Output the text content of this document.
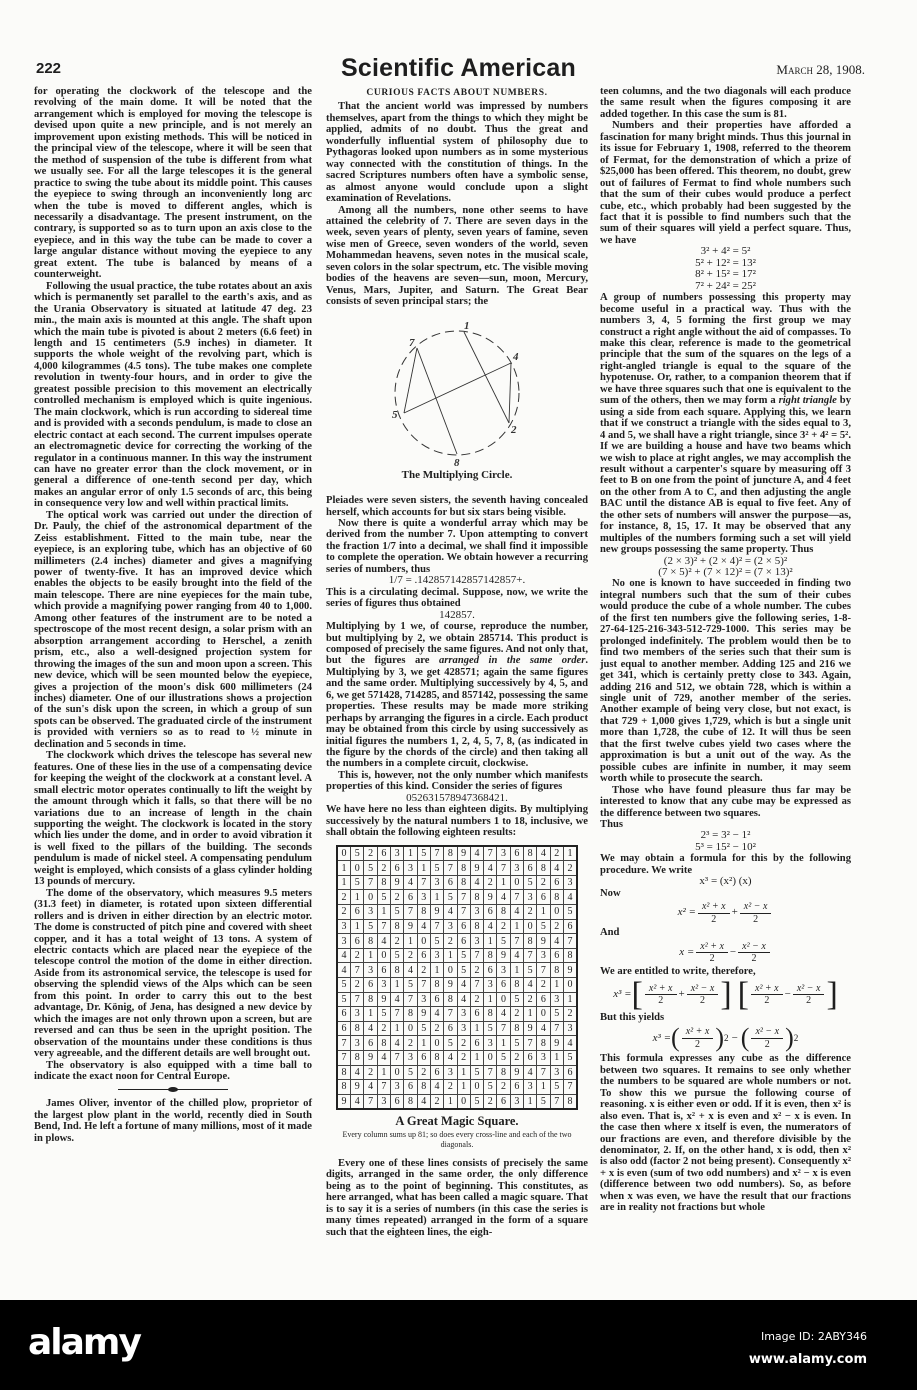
222	Scientific American	March 28, 1908.

for operating the clockwork of the telescope and the revolving of the main dome. It will be noted that the arrangement which is employed for moving the telescope is devised upon quite a new principle, and is not merely an improvement upon existing methods. This will be noticed in the principal view of the telescope, where it will be seen that the method of suspension of the tube is different from what we usually see. For all the large telescopes it is the general practice to swing the tube about its middle point. This causes the eyepiece to swing through an inconveniently long arc when the tube is moved to different angles, which is necessarily a disadvantage. The present instrument, on the contrary, is supported so as to turn upon an axis close to the eyepiece, and in this way the tube can be made to cover a large angular distance without moving the eyepiece to any great extent. The tube is balanced by means of a counterweight.

Following the usual practice, the tube rotates about an axis which is permanently set parallel to the earth's axis, and as the Urania Observatory is situated at latitude 47 deg. 23 min., the main axis is mounted at this angle. The shaft upon which the main tube is pivoted is about 2 meters (6.6 feet) in length and 15 centimeters (5.9 inches) in diameter. It supports the whole weight of the revolving part, which is 4,000 kilogrammes (4.5 tons). The tube makes one complete revolution in twenty-four hours, and in order to give the greatest possible precision to this movement an electrically controlled mechanism is employed which is quite ingenious. The main clockwork, which is run according to sidereal time and is provided with a seconds pendulum, is made to close an electric contact at each second. The current impulses operate an electromagnetic device for correcting the working of the regulator in a continuous manner. In this way the instrument can have no greater error than the clock movement, or in general a difference of one-tenth second per day, which makes an angular error of only 1.5 seconds of arc, this being in consequence very low and well within practical limits.

The optical work was carried out under the direction of Dr. Pauly, the chief of the astronomical department of the Zeiss establishment. Fitted to the main tube, near the eyepiece, is an exploring tube, which has an objective of 60 millimeters (2.4 inches) diameter and gives a magnifying power of twenty-five. It has an improved device which enables the objects to be easily brought into the field of the main telescope. There are nine eyepieces for the main tube, which provide a magnifying power ranging from 40 to 1,000. Among other features of the instrument are to be noted a spectroscope of the most recent design, a solar prism with an absorption arrangement according to Herschel, a zenith prism, etc., also a well-designed projection system for throwing the images of the sun and moon upon a screen. This new device, which will be seen mounted below the eyepiece, gives a projection of the moon's disk 600 millimeters (24 inches) diameter. One of our illustrations shows a projection of the sun's disk upon the screen, in which a group of sun spots can be observed. The graduated circle of the instrument is provided with verniers so as to read to ½ minute in declination and 5 seconds in time.

The clockwork which drives the telescope has several new features. One of these lies in the use of a compensating device for keeping the weight of the clockwork at a constant level. A small electric motor operates continually to lift the weight by the amount through which it falls, so that there will be no variations due to an increase of length in the chain supporting the weight. The clockwork is located in the story which lies under the dome, and in order to avoid vibration it is well fixed to the pillars of the building. The seconds pendulum is made of nickel steel. A compensating pendulum weight is employed, which consists of a glass cylinder holding 13 pounds of mercury.

The dome of the observatory, which measures 9.5 meters (31.3 feet) in diameter, is rotated upon sixteen differential rollers and is driven in either direction by an electric motor. The dome is constructed of pitch pine and covered with sheet copper, and it has a total weight of 13 tons. A system of electric contacts which are placed near the eyepiece of the telescope control the motion of the dome in either direction. Aside from its astronomical service, the telescope is used for observing the splendid views of the Alps which can be seen from this point. In order to carry this out to the best advantage, Dr. König, of Jena, has designed a new device by which the images are not only thrown upon a screen, but are reversed and can thus be seen in the upright position. The observation of the mountains under these conditions is thus very agreeable, and the different details are well brought out.

The observatory is also equipped with a time ball to indicate the exact noon for Central Europe.

James Oliver, inventor of the chilled plow, proprietor of the largest plow plant in the world, recently died in South Bend, Ind. He left a fortune of many millions, most of it made in plows.

CURIOUS FACTS ABOUT NUMBERS.

That the ancient world was impressed by numbers themselves, apart from the things to which they might be applied, admits of no doubt. Thus the great and wonderfully influential system of philosophy due to Pythagoras looked upon numbers as in some mysterious way connected with the constitution of things. In the sacred Scriptures numbers often have a symbolic sense, as almost anyone would conclude upon a slight examination of Revelations.

Among all the numbers, none other seems to have attained the celebrity of 7. There are seven days in the week, seven years of plenty, seven years of famine, seven wise men of Greece, seven wonders of the world, seven Mohammedan heavens, seven notes in the musical scale, seven colors in the solar spectrum, etc. The visible moving bodies of the heavens are seven—sun, moon, Mercury, Venus, Mars, Jupiter, and Saturn. The Great Bear consists of seven principal stars; the

1
4
2
8
5
7
The Multiplying Circle.

Pleiades were seven sisters, the seventh having concealed herself, which accounts for but six stars being visible.

Now there is quite a wonderful array which may be derived from the number 7. Upon attempting to convert the fraction 1/7 into a decimal, we shall find it impossible to complete the operation. We obtain however a recurring series of numbers, thus

1/7 = .142857142857142857+.

This is a circulating decimal. Suppose, now, we write the series of figures thus obtained

142857.

Multiplying by 1 we, of course, reproduce the number, but multiplying by 2, we obtain 285714. This product is composed of precisely the same figures. And not only that, but the figures are arranged in the same order. Multiplying by 3, we get 428571; again the same figures and the same order. Multiplying successively by 4, 5, and 6, we get 571428, 714285, and 857142, possessing the same properties. These results may be made more striking perhaps by arranging the figures in a circle. Each product may be obtained from this circle by using successively as initial figures the numbers 1, 2, 4, 5, 7, 8, (as indicated in the figure by the chords of the circle) and then taking all the numbers in a complete circuit, clockwise.

This is, however, not the only number which manifests properties of this kind. Consider the series of figures

052631578947368421.

We have here no less than eighteen digits. By multiplying successively by the natural numbers 1 to 18, inclusive, we shall obtain the following eighteen results:

0	5	2	6	3	1	5	7	8	9	4	7	3	6	8	4	2	1
1	0	5	2	6	3	1	5	7	8	9	4	7	3	6	8	4	2
1	5	7	8	9	4	7	3	6	8	4	2	1	0	5	2	6	3
2	1	0	5	2	6	3	1	5	7	8	9	4	7	3	6	8	4
2	6	3	1	5	7	8	9	4	7	3	6	8	4	2	1	0	5
3	1	5	7	8	9	4	7	3	6	8	4	2	1	0	5	2	6
3	6	8	4	2	1	0	5	2	6	3	1	5	7	8	9	4	7
4	2	1	0	5	2	6	3	1	5	7	8	9	4	7	3	6	8
4	7	3	6	8	4	2	1	0	5	2	6	3	1	5	7	8	9
5	2	6	3	1	5	7	8	9	4	7	3	6	8	4	2	1	0
5	7	8	9	4	7	3	6	8	4	2	1	0	5	2	6	3	1
6	3	1	5	7	8	9	4	7	3	6	8	4	2	1	0	5	2
6	8	4	2	1	0	5	2	6	3	1	5	7	8	9	4	7	3
7	3	6	8	4	2	1	0	5	2	6	3	1	5	7	8	9	4
7	8	9	4	7	3	6	8	4	2	1	0	5	2	6	3	1	5
8	4	2	1	0	5	2	6	3	1	5	7	8	9	4	7	3	6
8	9	4	7	3	6	8	4	2	1	0	5	2	6	3	1	5	7
9	4	7	3	6	8	4	2	1	0	5	2	6	3	1	5	7	8
A Great Magic Square.
Every column sums up 81; so does every cross-line and each of the two diagonals.

Every one of these lines consists of precisely the same digits, arranged in the same order, the only difference being as to the point of beginning. This constitutes, as here arranged, what has been called a magic square. That is to say it is a series of numbers (in this case the series is many times repeated) arranged in the form of a square such that the eighteen lines, the eigh-

teen columns, and the two diagonals will each produce the same result when the figures composing it are added together. In this case the sum is 81.

Numbers and their properties have afforded a fascination for many bright minds. Thus this journal in its issue for February 1, 1908, referred to the theorem of Fermat, for the demonstration of which a prize of $25,000 has been offered. This theorem, no doubt, grew out of failures of Fermat to find whole numbers such that the sum of their cubes would produce a perfect cube, etc., which probably had been suggested by the fact that it is possible to find numbers such that the sum of their squares will yield a perfect square. Thus, we have

3² + 4² = 5²
5² + 12² = 13²
8² + 15² = 17²
7² + 24² = 25²

A group of numbers possessing this property may become useful in a practical way. Thus with the numbers 3, 4, 5 forming the first group we may construct a right angle without the aid of compasses. To make this clear, reference is made to the geometrical principle that the sum of the squares on the legs of a right-angled triangle is equal to the square of the hypotenuse. Or, rather, to a companion theorem that if we have three squares such that one is equivalent to the sum of the others, then we may form a right triangle by using a side from each square. Applying this, we learn that if we construct a triangle with the sides equal to 3, 4 and 5, we shall have a right triangle, since 3² + 4² = 5². If we are building a house and have two beams which we wish to place at right angles, we may accomplish the result without a carpenter's square by measuring off 3 feet to B on one from the point of juncture A, and 4 feet on the other from A to C, and then adjusting the angle BAC until the distance AB is equal to five feet. Any of the other sets of numbers will answer the purpose—as, for instance, 8, 15, 17. It may be observed that any multiples of the numbers forming such a set will yield new groups possessing the same property. Thus

(2 × 3)² + (2 × 4)² = (2 × 5)²
(7 × 5)² + (7 × 12)² = (7 × 13)²

No one is known to have succeeded in finding two integral numbers such that the sum of their cubes would produce the cube of a whole number. The cubes of the first ten numbers give the following series, 1-8-27-64-125-216-343-512-729-1000. This series may be prolonged indefinitely. The problem would then be to find two members of the series such that their sum is just equal to another member. Adding 125 and 216 we get 341, which is certainly pretty close to 343. Again, adding 216 and 512, we obtain 728, which is within a single unit of 729, another member of the series. Another example of being very close, but not exact, is that 729 + 1,000 gives 1,729, which is but a single unit more than 1,728, the cube of 12. It will thus be seen that the first twelve cubes yield two cases where the approximation is but a unit out of the way. As the possible cubes are infinite in number, it may seem worth while to prosecute the search.

Those who have found pleasure thus far may be interested to know that any cube may be expressed as the difference between two squares.

Thus

2³ = 3² − 1²
5³ = 15² − 10²

We may obtain a formula for this by the following procedure. We write

x³ = (x²) (x)

Now

$x^2 = \frac{\text{x² + x}}{2} + \frac{\text{x² − x}}{2}$

And

$x = \frac{\text{x² + x}}{2} - \frac{\text{x² − x}}{2}$

We are entitled to write, therefore,

x³ = [ $\frac{\text{x² + x}}{2} + \frac{\text{x² − x}}{2}$ ] [ $\frac{\text{x² + x}}{2} - \frac{\text{x² − x}}{2}$ ]

But this yields

x³ = ( $\frac{\text{x² + x}}{2}$ ) 2 − ( $\frac{\text{x² − x}}{2}$ ) 2

This formula expresses any cube as the difference between two squares. It remains to see only whether the numbers to be squared are whole numbers or not. To show this we pursue the following course of reasoning. x is either even or odd. If it is even, then x² is also even. That is, x² + x is even and x² − x is even. In the case then where x itself is even, the numerators of our fractions are even, and therefore divisible by the denominator, 2. If, on the other hand, x is odd, then x² is also odd (factor 2 not being present). Consequently x² + x is even (sum of two odd numbers) and x² − x is even (difference between two odd numbers). So, as before when x was even, we have the result that our fractions are in reality not fractions but whole

alamy	Image ID: 2ABY346
www.alamy.com
